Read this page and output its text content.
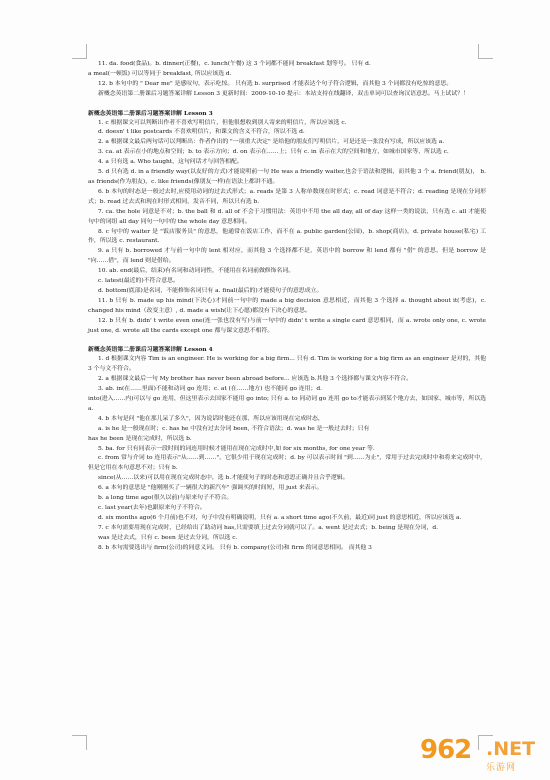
11. da. food(食品)。b. dinner(正餐)，c. lunch(午餐) 这 3 个词都不能同 breakfast 划等号。 只有 d.

a meal(一顿饭) 可以等同于 breakfast, 所以应该选 d.

12. b 本句中的 " Dear me" 是感叹句，表示吃惊。 只有选 b. surprised 才能表达个句子符合逻辑，而其他 3 个词都没有吃惊的意思。

新概念英语第二册课后习题答案详解 Lesson 3 更新时间：2009-10-10 提示：本站支持在线翻译，双击单词可以查询汉语意思。马上试试？！

新概念英语第二册课后习题答案详解 Lesson 3

1. c 根据课文可以判断出作者不喜欢写明信片，但他很想收到别人寄来的明信片，所以应该选 c.

d. doesn' t like postcards 不喜欢明信片，和课文的含义不符合，所以不选 d.

2. a 根据课文最后两句话可以判断出：作者作出的 "一项重大决定" 是给他的朋友们写明信片，可是还是一张没有写成，所以应该选 a.

3. ca. at 表示在小的地点和空间；b. to 表示方向；d. on 表示在……上；只有 c. in 表示在大的空间和地方，如城市国家等，所以选 c.

4. a 只有选 a. Who taught，这句问话才与回答相配。

5. d 只有选 d. in a friendly way(以友好的方式)才能说明前一句 He was a friendly waiter,也会于语法和逻辑，而其他 3 个 a. friend(朋友)， b. as friends(作为朋友)，c. like friends(像朋友一样)在语法上都讲不通。

6. b 本句的时态是一般过去时,应使用动词的过去式形式；a. reads 是第 3 人称单数现在时形式；c. read 词意是不符合；d. reading 是现在分词形式；b. read 过去式和现在时形式相同，发音不同，所以只有选 b.

7. ca. the hole 词意是不对；b. the ball 和 d. all of 不会于习惯用法：英语中不用 the all day, all of day 这样一类的说法，只有选 c. all 才能使句中的词组 all day 同句一句中的 the whole day 意思相同。

8. c 句中的 waiter 是 "饭店服务员" 的意思，他通常在饭店工作，而不在 a. public garden(公园)，b. shop(商店)，d. private house(私宅) 工作，所以选 c. restaurant.

9. a 只有 b. borrowed 才与前一句中的 lent 相对应，而其他 3 个选择都不是，英语中的 borrow 和 lend 都有 "借" 的意思，但是 borrow 是 "向……借"，而 lend 则是借给。

10. ab. end(最后，结束)有名词和动词词性，不能用在名词前做修饰名词。

c. latest(最近的)不符合意思。

d. bottom(底部)是名词，不能修饰名词只有 a. final(最后的)才能使句子的意思成立。

11. b 只有 b. made up his mind(下决心)才同前一句中的 made a big decision 意思相近，而其他 3 个选择 a. thought about it(考虑)，c. changed his mind（改变主意）, d. made a wish(让下心愿)都没有下决心的意思。

12. b 只有 b. didn' t write even one(连一张也没有写)与前一句中的 didn' t write a single card 意思相同，而 a. wrote only one, c. wrote just one, d. wrote all the cards except one 都与课文意思不相符。

新概念英语第二册课后习题答案详解 Lesson 4

1. d 根据课文内容 Tim is an engineer. He is working for a big firm... 只有 d. Tim is working for a big firm as an engineer 是对的，其他 3 个与文不符合。

2. a 根据课文最后一句 My brother has never been abroad before... 应该选 b.其他 3 个选择都与课文内容不符合。

3. ab. in(在……里面)不能和动词 go 连用；c. at (在……地方) 也不能同 go 连用；d.

into(进入……内)可以与 go 连用，但这里表示去国家不能用 go into; 只有 a. to 同动词 go 连用 go to才能表示到某个地方去，如国家、城市等，所以选 a.

4. b 本句是问 "他在那儿呆了多久"，因为说话时他还在那，所以应该用现在完成时态，

a. is he 是一般现在时；c. has he 中没有过去分词 been, 不符合语法；d. was he 是一般过去时；只有

has he been 是现在完成时，所以选 b.

5. ba. for 只有同表示一段时间的词连用时候才能用在现在完成时中,如 for six months, for one year 等.

c. from 常与介词 to 连用表示"从……到……"，它很少用于现在完成时；d. by 可以表示时间 "到……为止"，常用于过去完成时中和将来完成时中，但是它用在本句意思不对；只有 b.

since(从……以来)可以用在现在完成时态中，选 b.才能使句子的时态和意思正确并且合乎逻辑。

6. a 本句的意思是 "他刚刚买了一辆很大的新汽车" 强调买的时间短，用 just 来表示。

b. a long time ago(很久以前)与原来句子不符合。

c. last year(去年)也跟原来句子不符合。

d. six months ago(6 个月前)也不对，句子中没有明确说明，只有 a. a short time ago(不久前，最近)同 just 的意思相近，所以应该选 a.

7. c 本句需要用现在完成时，已经给出了助动词 has,只需要填上过去分词就可以了。a. went 是过去式；b. being 是现在分词，d.

was 是过去式，只有 c. been 是过去分词，所以选 c.

8. b 本句需要选出与 firm(公司)的同意义词。 只有 b. company(公司)和 firm 的词意思相同。 而其他 3

962 .NET
乐游网
